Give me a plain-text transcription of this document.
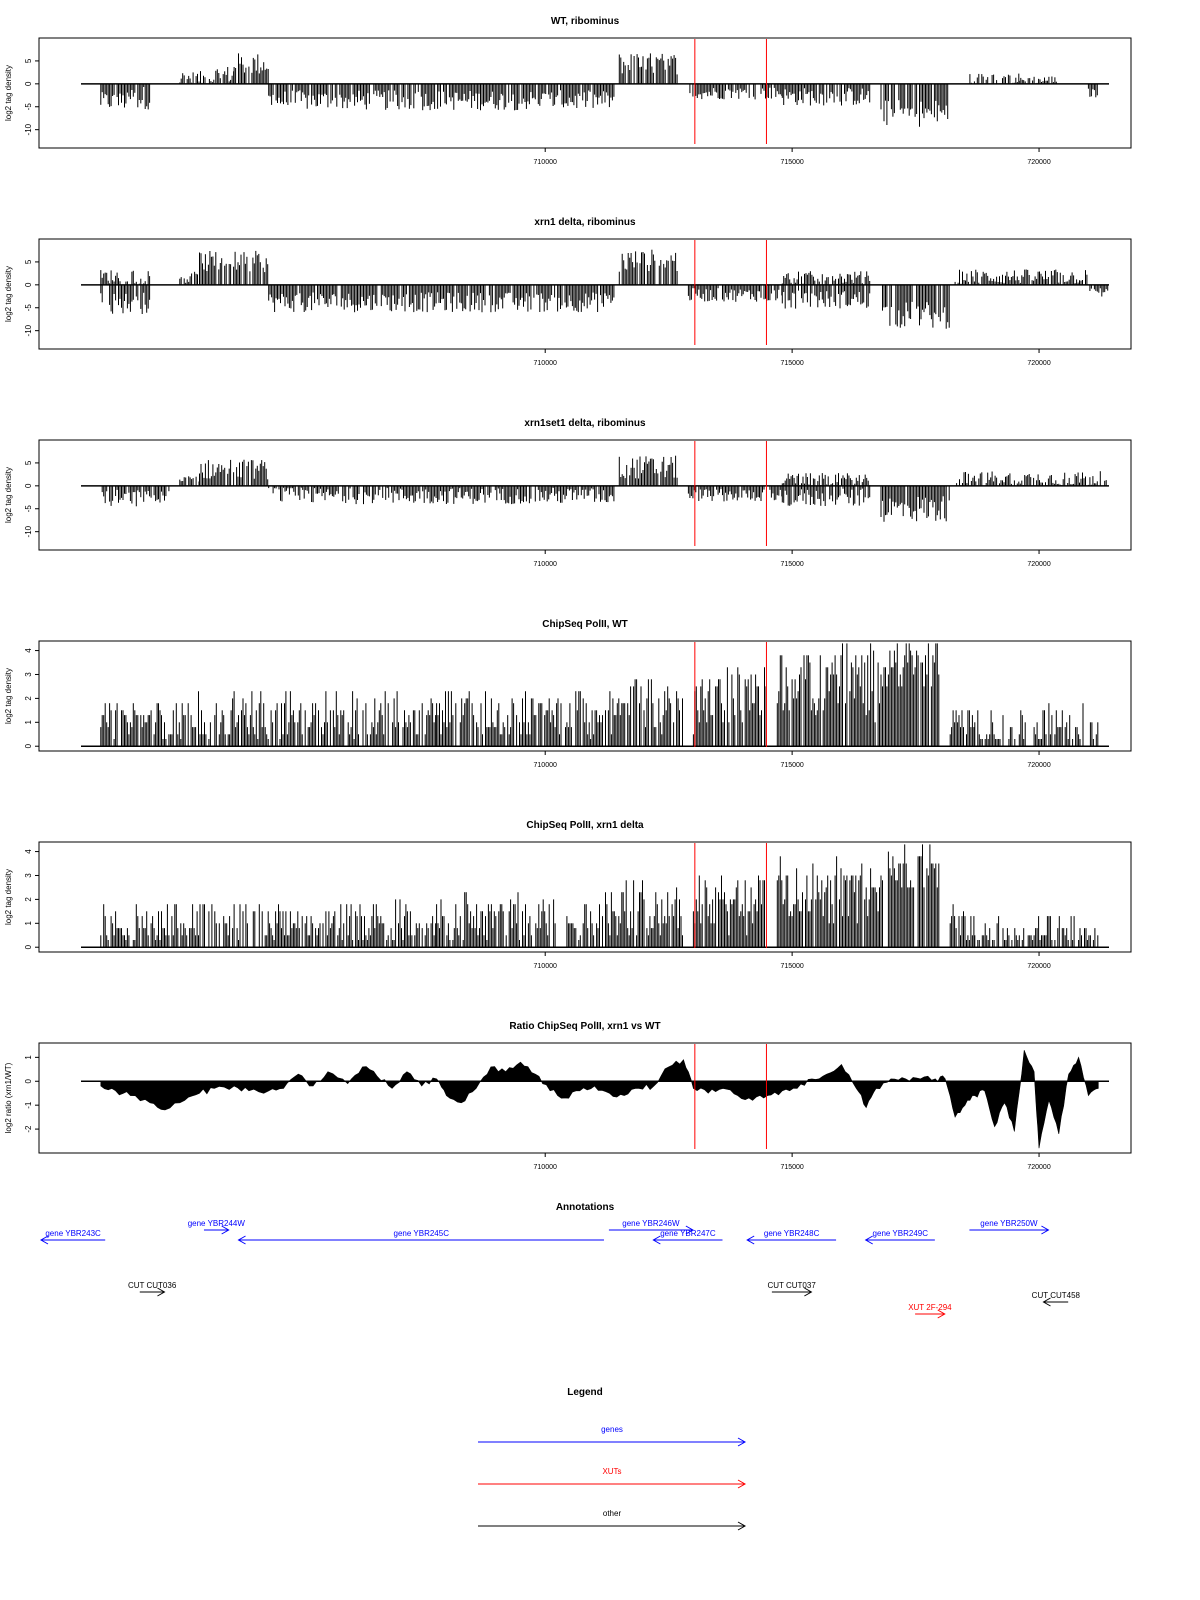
WT, ribominus
log2 tag density
-10
-5
0
5
710000	715000	720000
xrn1 delta, ribominus
log2 tag density
-10
-5
0
5
710000	715000	720000
xrn1set1 delta, ribominus
log2 tag density
-10
-5
0
5
710000	715000	720000
ChipSeq PolII, WT
log2 tag density
0
1
2
3
4
710000	715000	720000
ChipSeq PolII, xrn1 delta
log2 tag density
0
1
2
3
4
710000	715000	720000
Ratio ChipSeq PolII, xrn1 vs WT
log2 ratio (xrn1/WT) -2
-1
0
1
710000	715000	720000
Annotations
gene YBR243C
gene YBR244W
gene YBR245C
gene YBR246W
gene YBR247C	gene YBR248C	gene YBR249C
gene YBR250W
CUT CUT036	CUT CUT037
XUT 2F-294
CUT CUT458
Legend
genes
XUTs
other
